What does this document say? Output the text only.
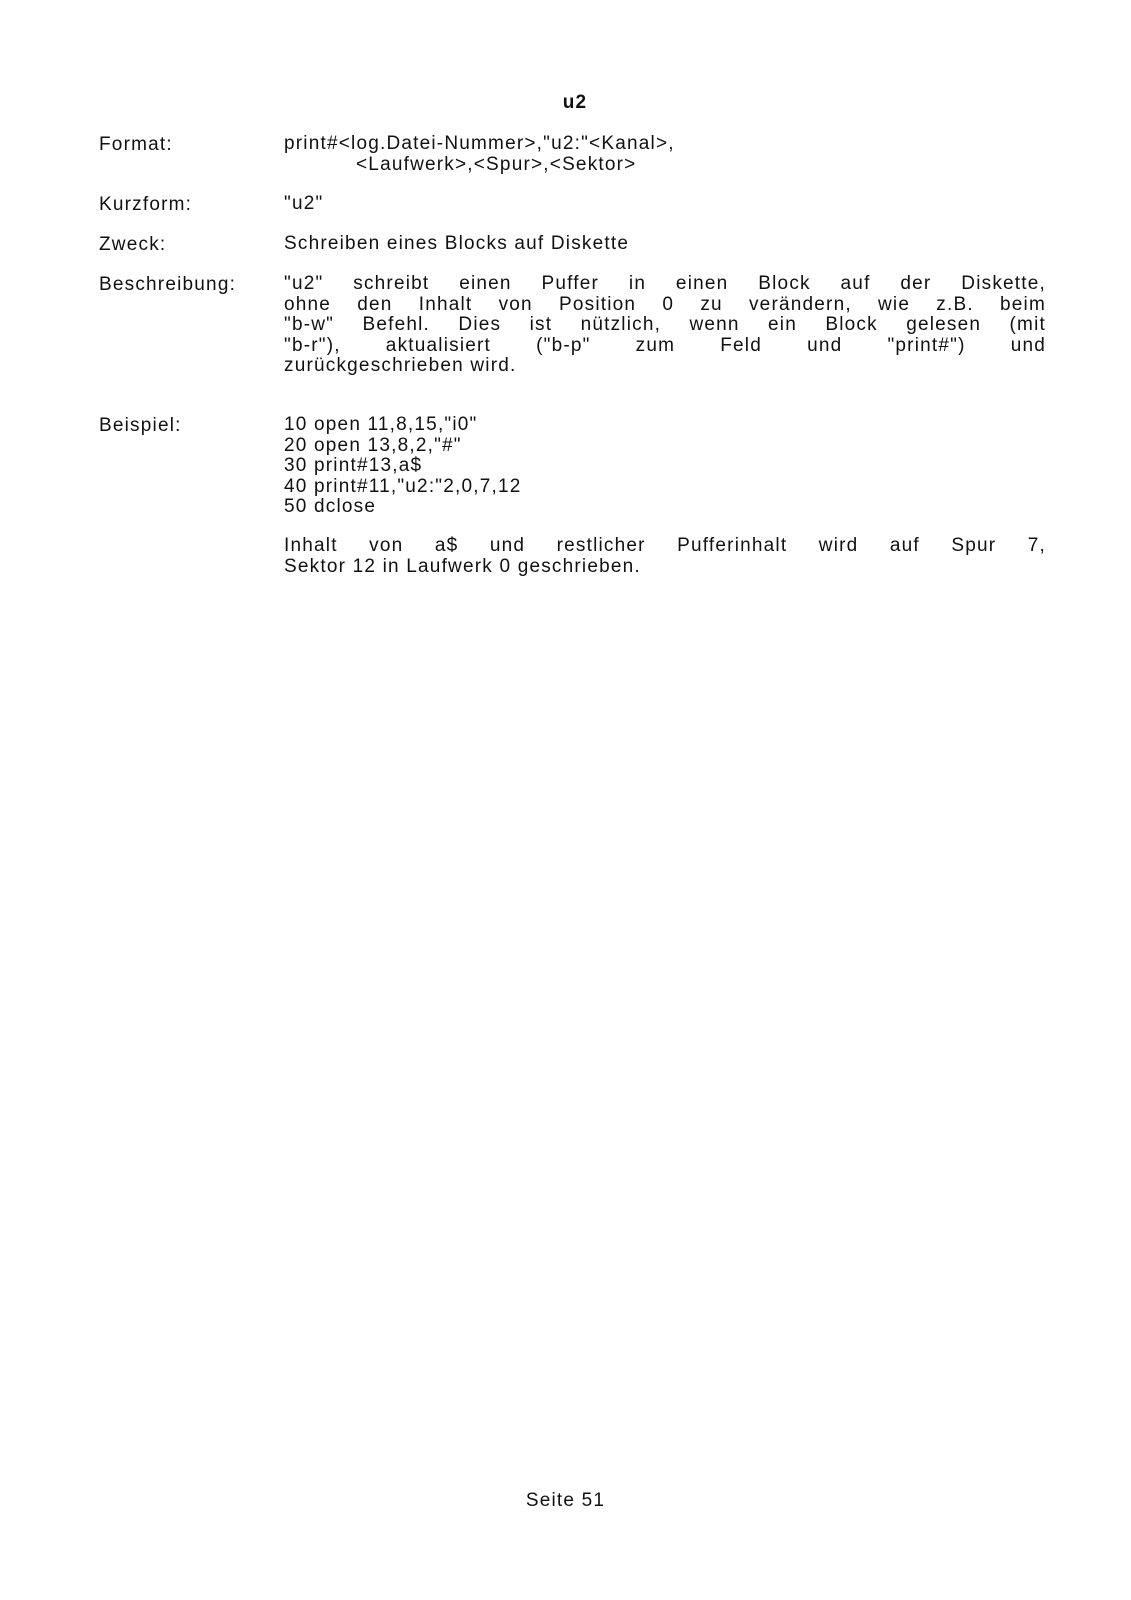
u2
Format:	print#<log.Datei-Nummer>,"u2:"<Kanal>,
<Laufwerk>,<Spur>,<Sektor>
Kurzform:	"u2"
Zweck:	Schreiben eines Blocks auf Diskette
Beschreibung:	"u2" schreibt einen Puffer in einen Block auf der Diskette,
ohne den Inhalt von Position 0 zu verändern, wie z.B. beim
"b-w" Befehl. Dies ist nützlich, wenn ein Block gelesen (mit
"b-r"), aktualisiert ("b-p" zum Feld und "print#") und
zurückgeschrieben wird.
Beispiel:	10 open 11,8,15,"i0"
20 open 13,8,2,"#"
30 print#13,a$
40 print#11,"u2:"2,0,7,12
50 dclose
Inhalt von a$ und restlicher Pufferinhalt wird auf Spur 7,
Sektor 12 in Laufwerk 0 geschrieben.
Seite 51
